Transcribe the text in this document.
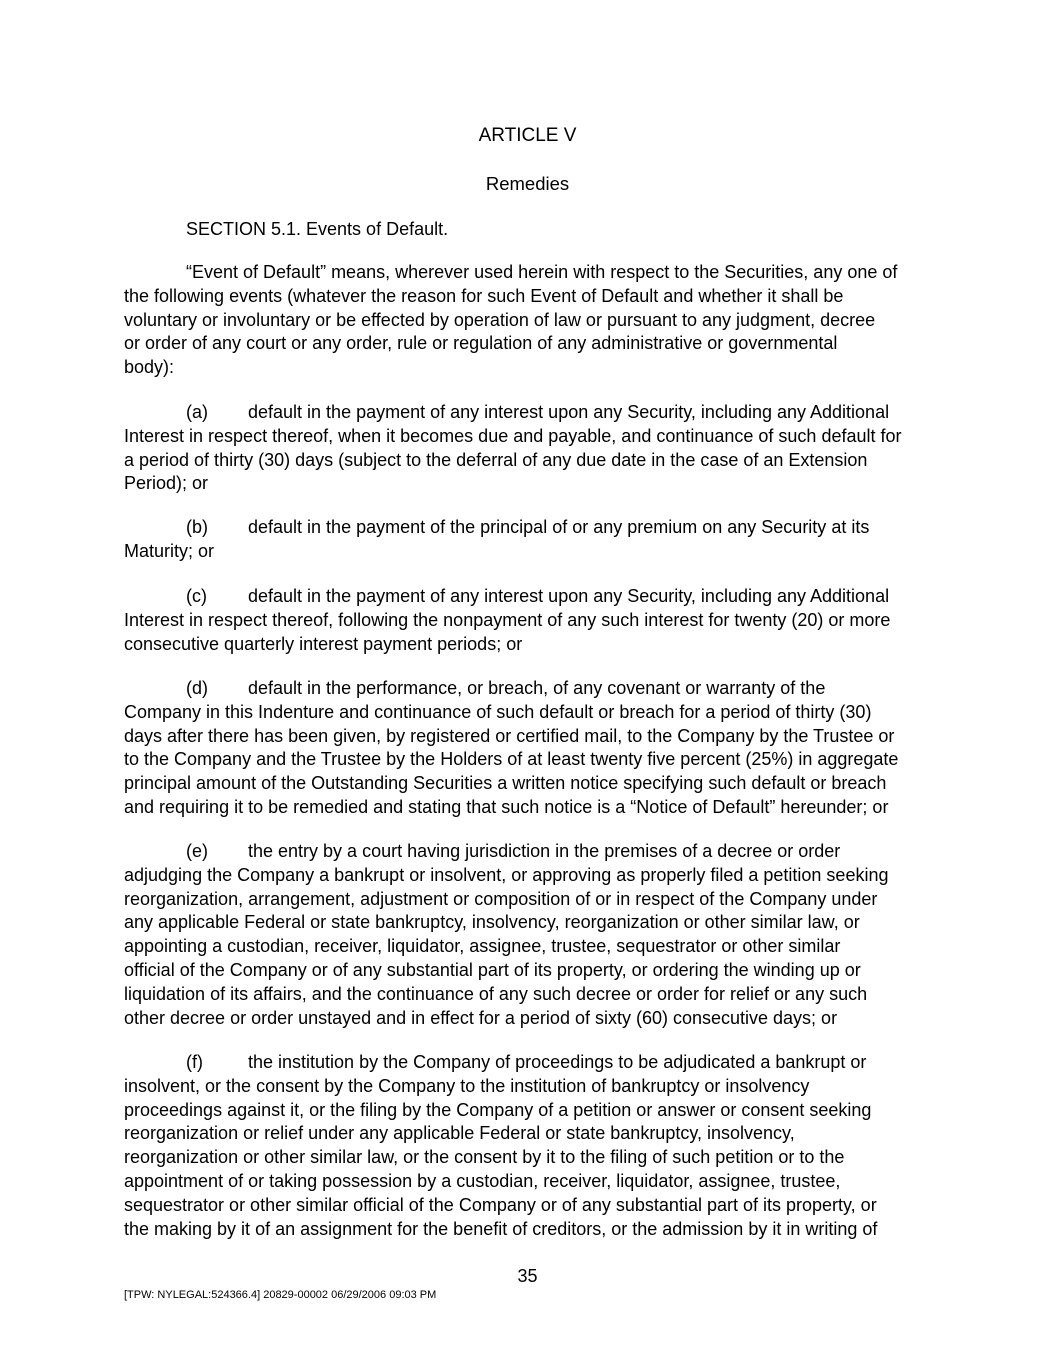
ARTICLE V
Remedies
SECTION 5.1. Events of Default.
“Event of Default” means, wherever used herein with respect to the Securities, any one of
the following events (whatever the reason for such Event of Default and whether it shall be
voluntary or involuntary or be effected by operation of law or pursuant to any judgment, decree
or order of any court or any order, rule or regulation of any administrative or governmental
body):
(a) default in the payment of any interest upon any Security, including any Additional
Interest in respect thereof, when it becomes due and payable, and continuance of such default for
a period of thirty (30) days (subject to the deferral of any due date in the case of an Extension
Period); or
(b) default in the payment of the principal of or any premium on any Security at its
Maturity; or
(c) default in the payment of any interest upon any Security, including any Additional
Interest in respect thereof, following the nonpayment of any such interest for twenty (20) or more
consecutive quarterly interest payment periods; or
(d) default in the performance, or breach, of any covenant or warranty of the
Company in this Indenture and continuance of such default or breach for a period of thirty (30)
days after there has been given, by registered or certified mail, to the Company by the Trustee or
to the Company and the Trustee by the Holders of at least twenty five percent (25%) in aggregate
principal amount of the Outstanding Securities a written notice specifying such default or breach
and requiring it to be remedied and stating that such notice is a “Notice of Default” hereunder; or
(e) the entry by a court having jurisdiction in the premises of a decree or order
adjudging the Company a bankrupt or insolvent, or approving as properly filed a petition seeking
reorganization, arrangement, adjustment or composition of or in respect of the Company under
any applicable Federal or state bankruptcy, insolvency, reorganization or other similar law, or
appointing a custodian, receiver, liquidator, assignee, trustee, sequestrator or other similar
official of the Company or of any substantial part of its property, or ordering the winding up or
liquidation of its affairs, and the continuance of any such decree or order for relief or any such
other decree or order unstayed and in effect for a period of sixty (60) consecutive days; or
(f)	the institution by the Company of proceedings to be adjudicated a bankrupt or
insolvent, or the consent by the Company to the institution of bankruptcy or insolvency
proceedings against it, or the filing by the Company of a petition or answer or consent seeking
reorganization or relief under any applicable Federal or state bankruptcy, insolvency,
reorganization or other similar law, or the consent by it to the filing of such petition or to the
appointment of or taking possession by a custodian, receiver, liquidator, assignee, trustee,
sequestrator or other similar official of the Company or of any substantial part of its property, or
the making by it of an assignment for the benefit of creditors, or the admission by it in writing of
35
[TPW: NYLEGAL:524366.4] 20829-00002 06/29/2006 09:03 PM
